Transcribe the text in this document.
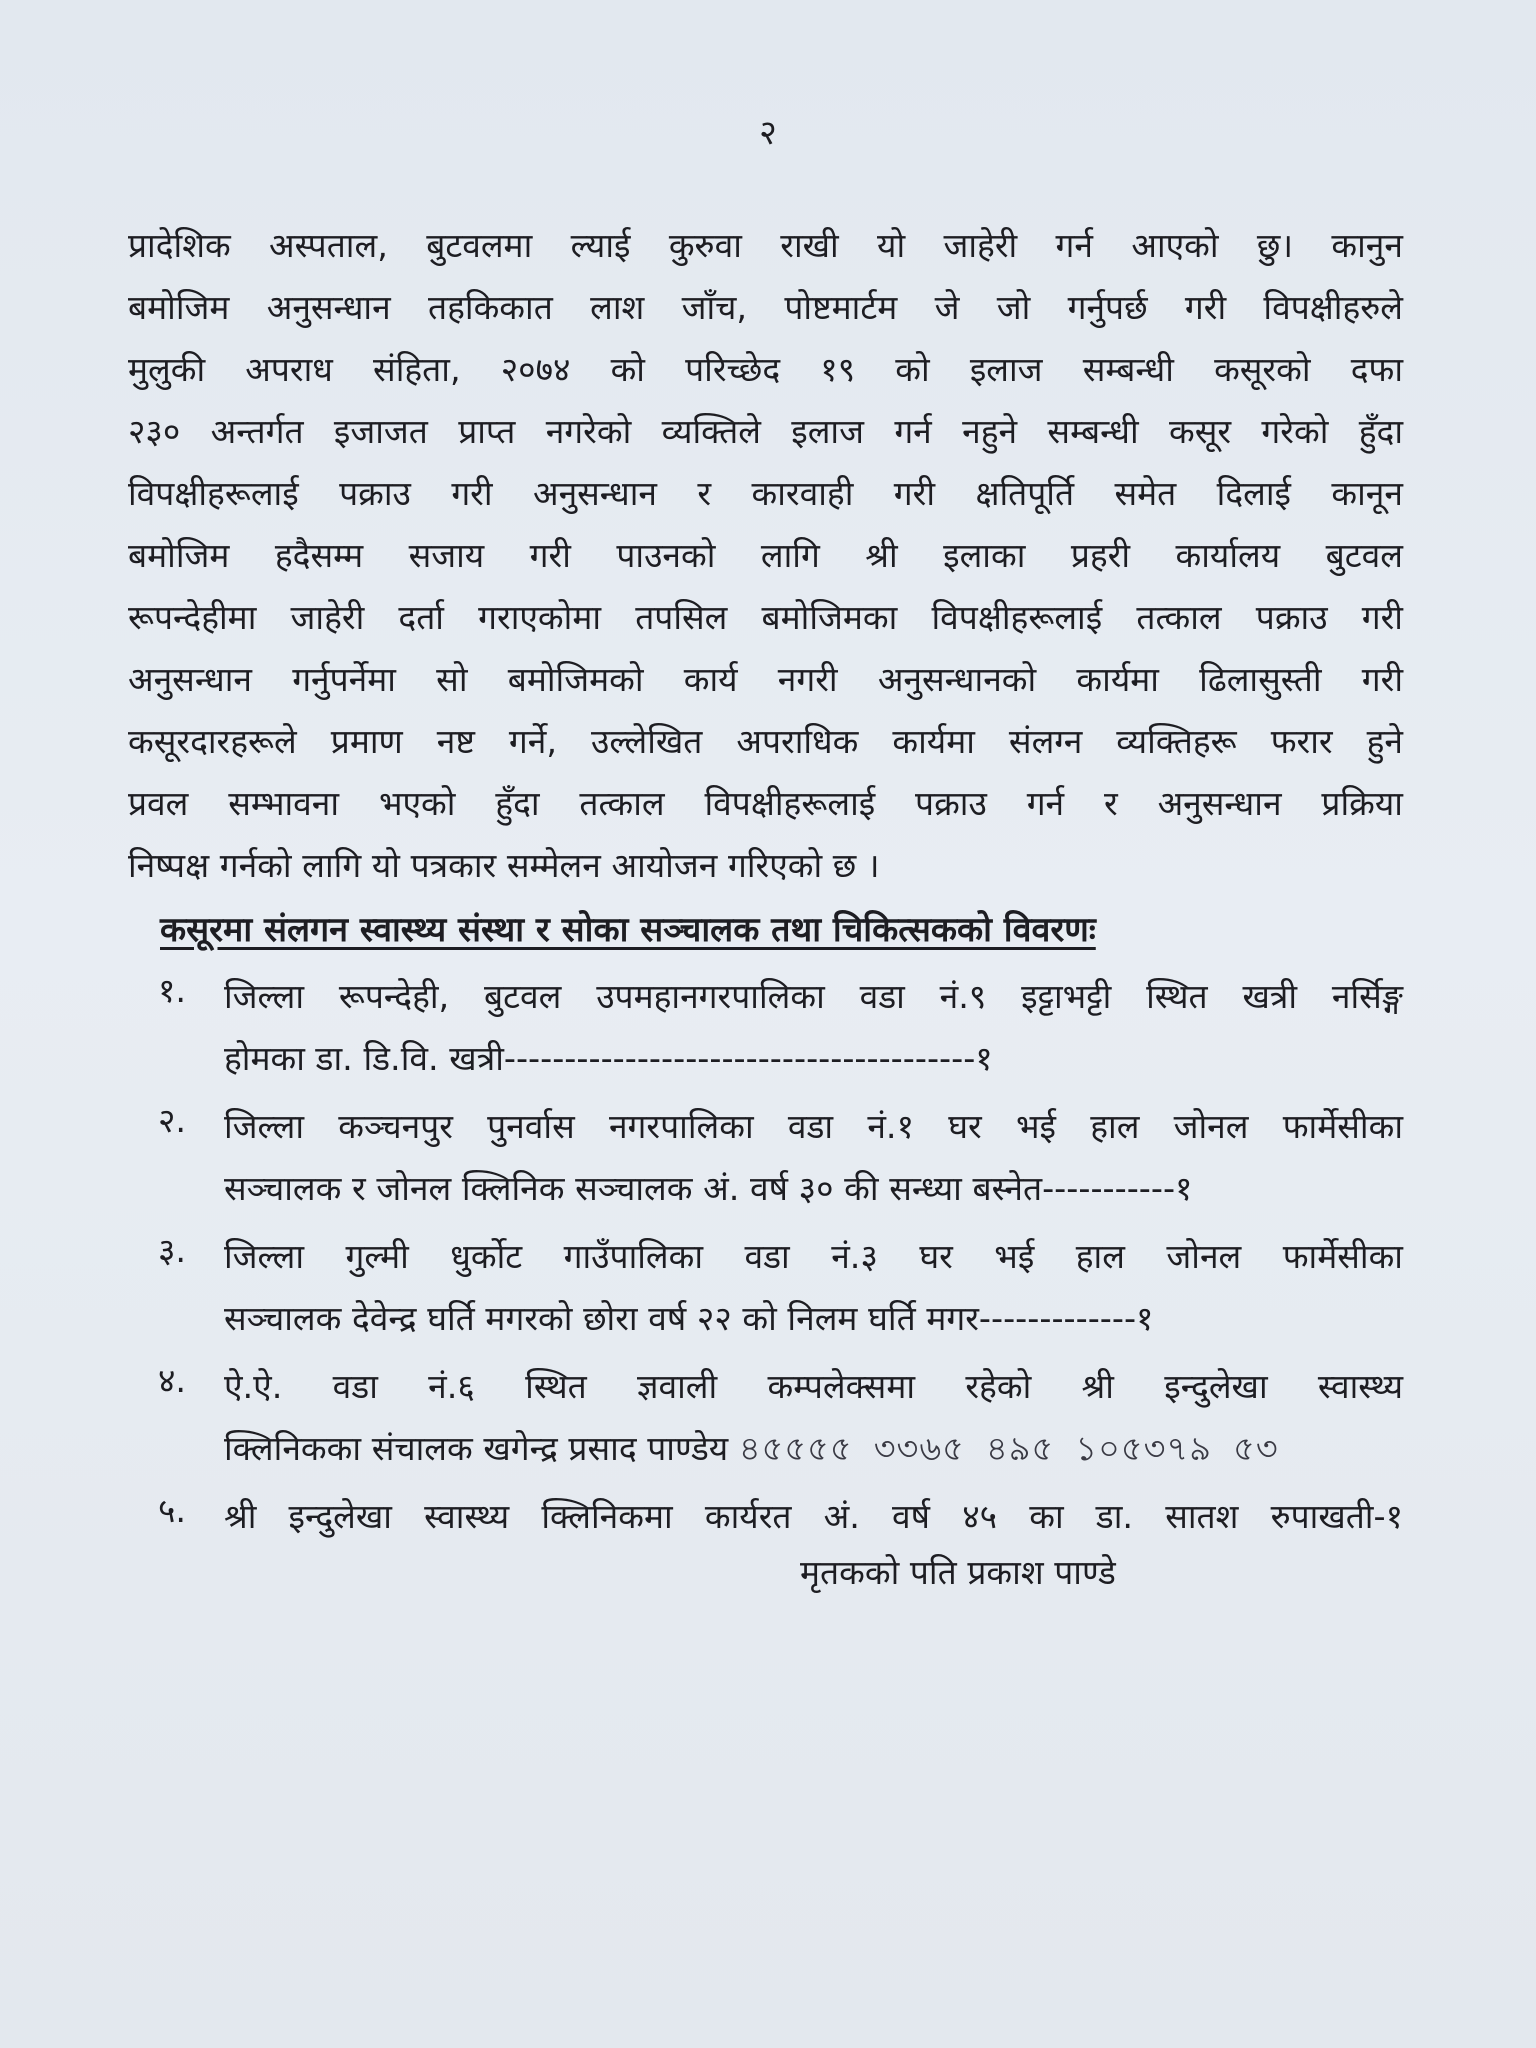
२
प्रादेशिक अस्पताल, बुटवलमा ल्याई कुरुवा राखी यो जाहेरी गर्न आएको छु। कानुन
बमोजिम अनुसन्धान तहकिकात लाश जाँच, पोष्टमार्टम जे जो गर्नुपर्छ गरी विपक्षीहरुले
मुलुकी अपराध संहिता, २०७४ को परिच्छेद १९ को इलाज सम्बन्धी कसूरको दफा
२३० अन्तर्गत इजाजत प्राप्त नगरेको व्यक्तिले इलाज गर्न नहुने सम्बन्धी कसूर गरेको हुँदा
विपक्षीहरूलाई पक्राउ गरी अनुसन्धान र कारवाही गरी क्षतिपूर्ति समेत दिलाई कानून
बमोजिम हदैसम्म सजाय गरी पाउनको लागि श्री इलाका प्रहरी कार्यालय बुटवल
रूपन्देहीमा जाहेरी दर्ता गराएकोमा तपसिल बमोजिमका विपक्षीहरूलाई तत्काल पक्राउ गरी
अनुसन्धान गर्नुपर्नेमा सो बमोजिमको कार्य नगरी अनुसन्धानको कार्यमा ढिलासुस्ती गरी
कसूरदारहरूले प्रमाण नष्ट गर्ने, उल्लेखित अपराधिक कार्यमा संलग्न व्यक्तिहरू फरार हुने
प्रवल सम्भावना भएको हुँदा तत्काल विपक्षीहरूलाई पक्राउ गर्न र अनुसन्धान प्रक्रिया
निष्पक्ष गर्नको लागि यो पत्रकार सम्मेलन आयोजन गरिएको छ ।
कसूरमा संलगन स्वास्थ्य संस्था र सोका सञ्चालक तथा चिकित्सकको विवरणः
१.	जिल्ला रूपन्देही, बुटवल उपमहानगरपालिका वडा नं.९ इट्टाभट्टी स्थित खत्री नर्सिङ्ग
होमका डा. डि.वि. खत्री---------------------------------------१
२.	जिल्ला कञ्चनपुर पुनर्वास नगरपालिका वडा नं.१ घर भई हाल जोनल फार्मेसीका
सञ्चालक र जोनल क्लिनिक सञ्चालक अं. वर्ष ३० की सन्ध्या बस्नेत-----------१
३.	जिल्ला गुल्मी धुर्कोट गाउँपालिका वडा नं.३ घर भई हाल जोनल फार्मेसीका
सञ्चालक देवेन्द्र घर्ति मगरको छोरा वर्ष २२ को निलम घर्ति मगर-------------१
४.	ऐ.ऐ. वडा नं.६ स्थित ज्ञवाली कम्पलेक्समा रहेको श्री इन्दुलेखा स्वास्थ्य
क्लिनिकका संचालक खगेन्द्र प्रसाद पाण्डेय ৪৫৫৫৫ ৩৩৬৫ ৪৯৫ ১০৫৩৭৯ ৫৩
५.	श्री इन्दुलेखा स्वास्थ्य क्लिनिकमा कार्यरत अं. वर्ष ४५ का डा. सातश रुपाखती-१
मृतकको पति प्रकाश पाण्डे
